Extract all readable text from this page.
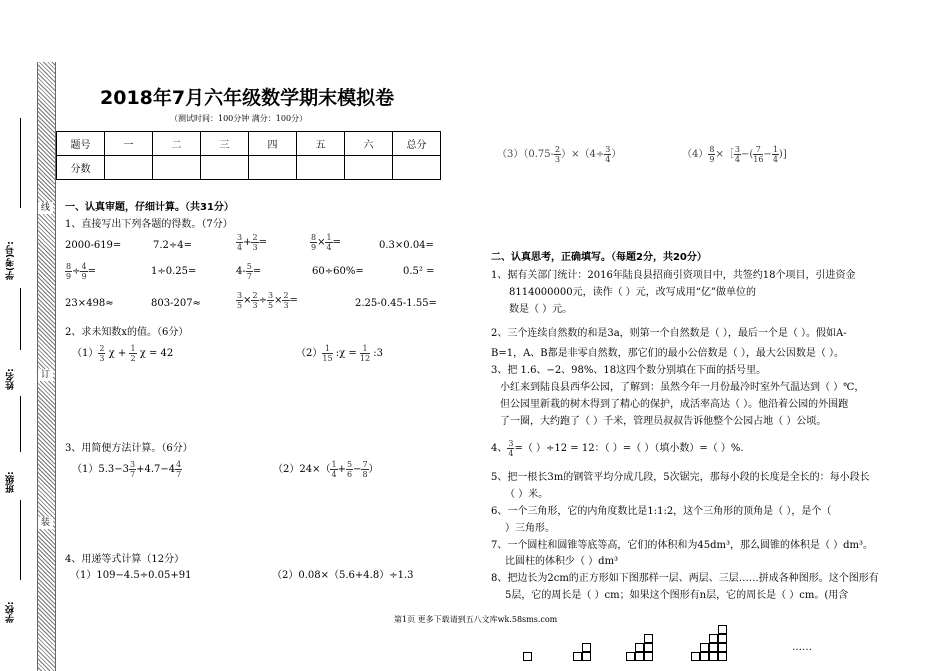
线
订
装
学(考)号:
姓名:
班级:
学校:
2018年7月六年级数学期末模拟卷
（测试时间：100分钟 满分：100分）
题号	一	二	三	四	五	六	总分
分数							
一、认真审题，仔细计算。（共31分）
1、直接写出下列各题的得数。（7分）
2000-619=	7.2÷4=	$\frac{3}{4} + \frac{2}{3}$ =	$\frac{8}{9} \times \frac{1}{4}$ =	0.3×0.04=
$\frac{8}{9} \div \frac{4}{9}$ =	1÷0.25=	$4- \frac{5}{7}$ =	60÷60%=	0.5² =
23×498≈	803-207≈	$\frac{3}{5} \times \frac{2}{3} \div \frac{3}{5} \times \frac{2}{3}$ =	2.25-0.45-1.55=
2、求未知数x的值。（6分）
$(1) \frac{2}{3}$ $\chi + \frac{1}{2}$ χ = 42	$(2) \frac{1}{15}$ :χ = $\frac{1}{12}$ :3
3、用简便方法计算。（6分）
$(1)5.3-3 \frac{3}{7} +4.7-4 \frac{4}{7}$	$(2)24\times( \frac{1}{4} + \frac{5}{6} - \frac{7}{8}$ ）
4、用递等式计算（12分）
（1）109−4.5÷0.05+91	（2）0.08×（5.6+4.8）÷1.3
$(3)(0.75- \frac{2}{3} )\times(4\div \frac{3}{4}$ ）	$(4) \frac{8}{9}$ ×［ $\frac{3}{4}$ −( $\frac{7}{16} - \frac{1}{4}$ )]
二、认真思考，正确填写。（每题2分，共20分）
1、据有关部门统计：2016年陆良县招商引资项目中，共签约18个项目，引进资金
8114000000元，读作（ ）元，改写成用“亿”做单位的
数是（ ）元。
2、三个连续自然数的和是3a，则第一个自然数是（ ），最后一个是（ ）。假如A-
B=1，A、B都是非零自然数，那它们的最小公倍数是（ ），最大公因数是（ ）。
3、把 1.6、−2、98%、18这四个数分别填在下面的括号里。
小红来到陆良县西华公园，了解到：虽然今年一月份最冷时室外气温达到（ ）℃，
但公园里新栽的树木得到了精心的保护，成活率高达（ ）。他沿着公园的外围跑
了一圈，大约跑了（ ）千米，管理员叔叔告诉他整个公园占地（ ）公顷。
4、 $\frac{3}{4}$ =（ ）÷12 = 12：（ ）=（ ）（填小数）=（ ）%.
5、把一根长3m的钢管平均分成几段，5次锯完，那每小段的长度是全长的：每小段长
（ ）米。
6、一个三角形，它的内角度数比是1:1:2，这个三角形的顶角是（ ），是个（
）三角形。
7、一个圆柱和圆锥等底等高，它们的体积和为45dm³，那么圆锥的体积是（ ）dm³。
比圆柱的体积少（ ）dm³
8、把边长为2cm的正方形如下图那样一层、两层、三层……拼成各种图形。这个图形有
5层，它的周长是（ ）cm；如果这个图形有n层，它的周长是（ ）cm。(用含
第1页 更多下载请到五八文库wk.58sms.com
……
